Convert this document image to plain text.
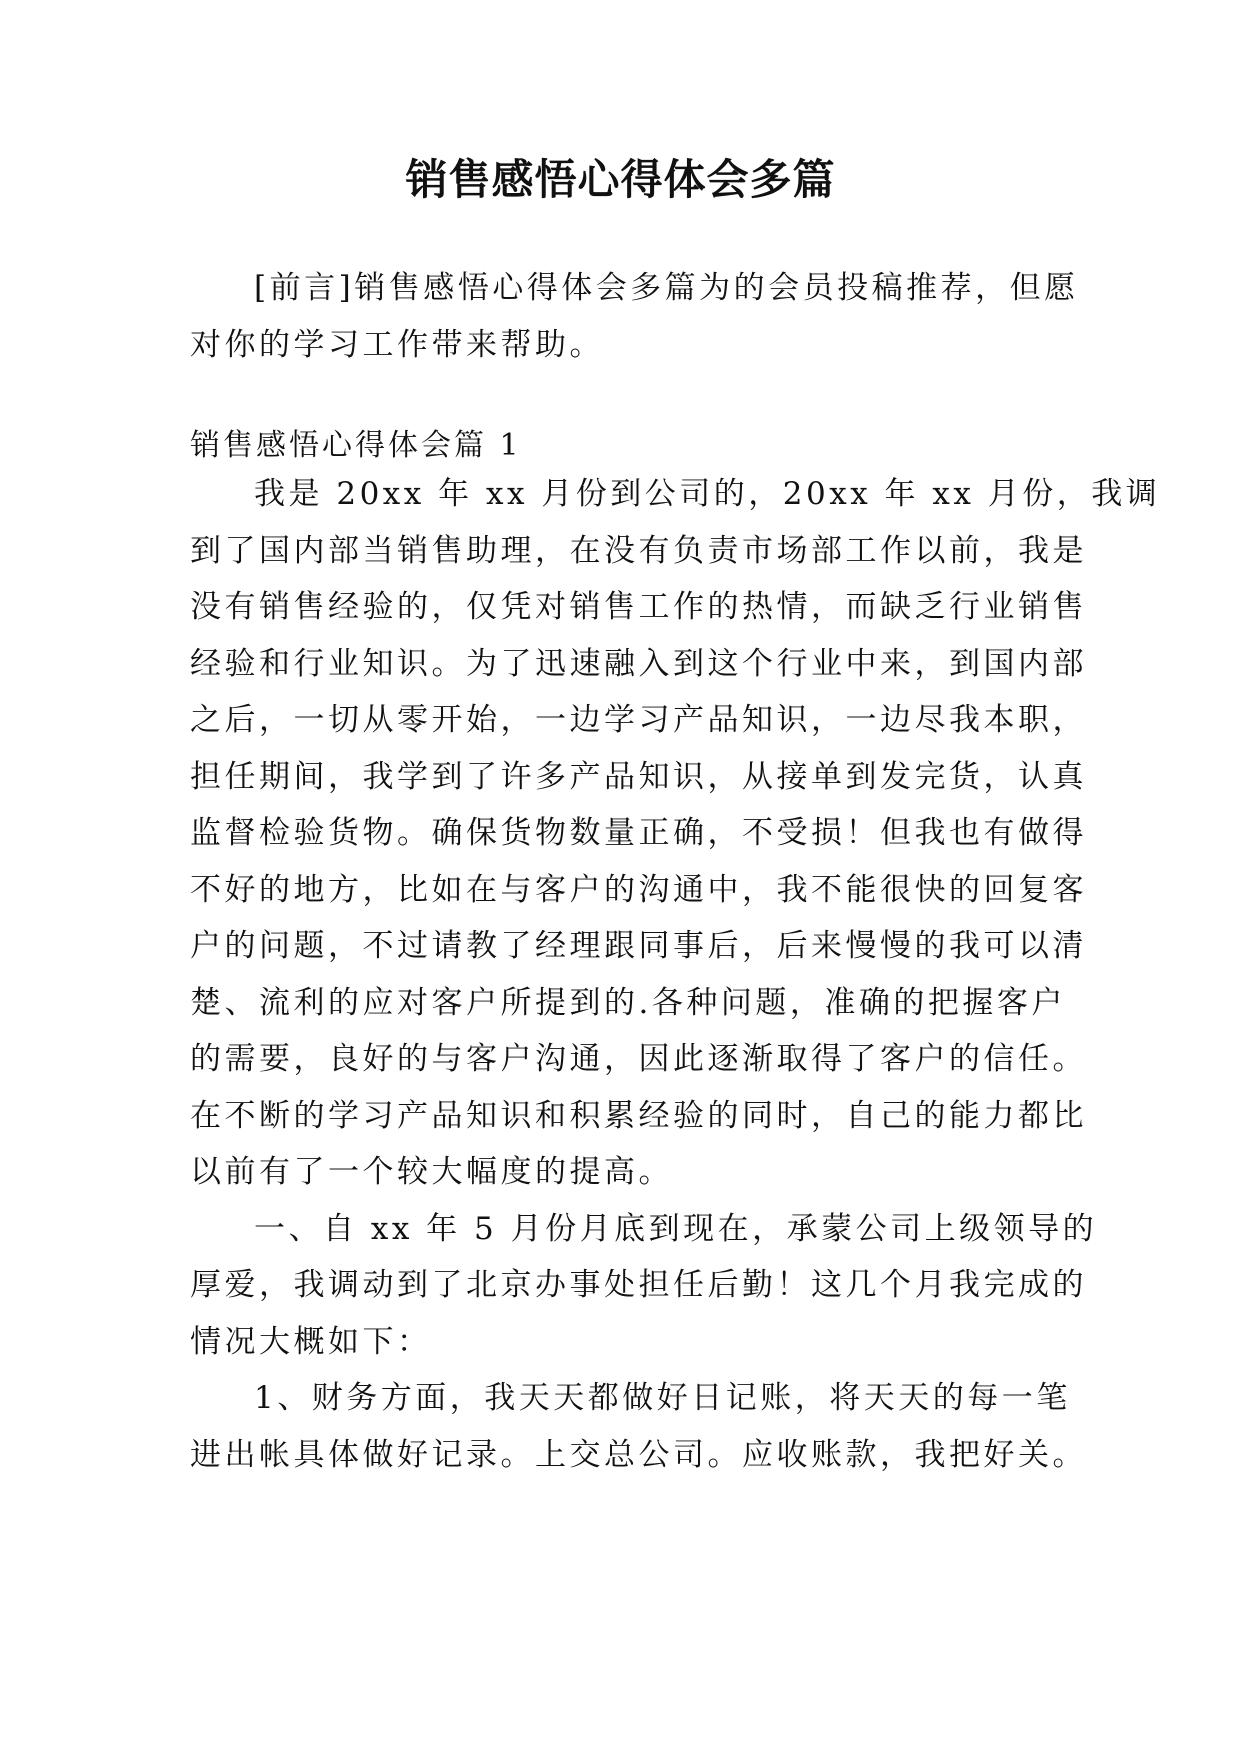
销售感悟心得体会多篇
[前言]销售感悟心得体会多篇为的会员投稿推荐，但愿
对你的学习工作带来帮助。
销售感悟心得体会篇 1
我是 20xx 年 xx 月份到公司的，20xx 年 xx 月份，我调
到了国内部当销售助理，在没有负责市场部工作以前，我是
没有销售经验的，仅凭对销售工作的热情，而缺乏行业销售
经验和行业知识。为了迅速融入到这个行业中来，到国内部
之后，一切从零开始，一边学习产品知识，一边尽我本职，
担任期间，我学到了许多产品知识，从接单到发完货，认真
监督检验货物。确保货物数量正确，不受损！但我也有做得
不好的地方，比如在与客户的沟通中，我不能很快的回复客
户的问题，不过请教了经理跟同事后，后来慢慢的我可以清
楚、流利的应对客户所提到的.各种问题，准确的把握客户
的需要，良好的与客户沟通，因此逐渐取得了客户的信任。
在不断的学习产品知识和积累经验的同时，自己的能力都比
以前有了一个较大幅度的提高。
一、自 xx 年 5 月份月底到现在，承蒙公司上级领导的
厚爱，我调动到了北京办事处担任后勤！这几个月我完成的
情况大概如下：
1、财务方面，我天天都做好日记账，将天天的每一笔
进出帐具体做好记录。上交总公司。应收账款，我把好关。
